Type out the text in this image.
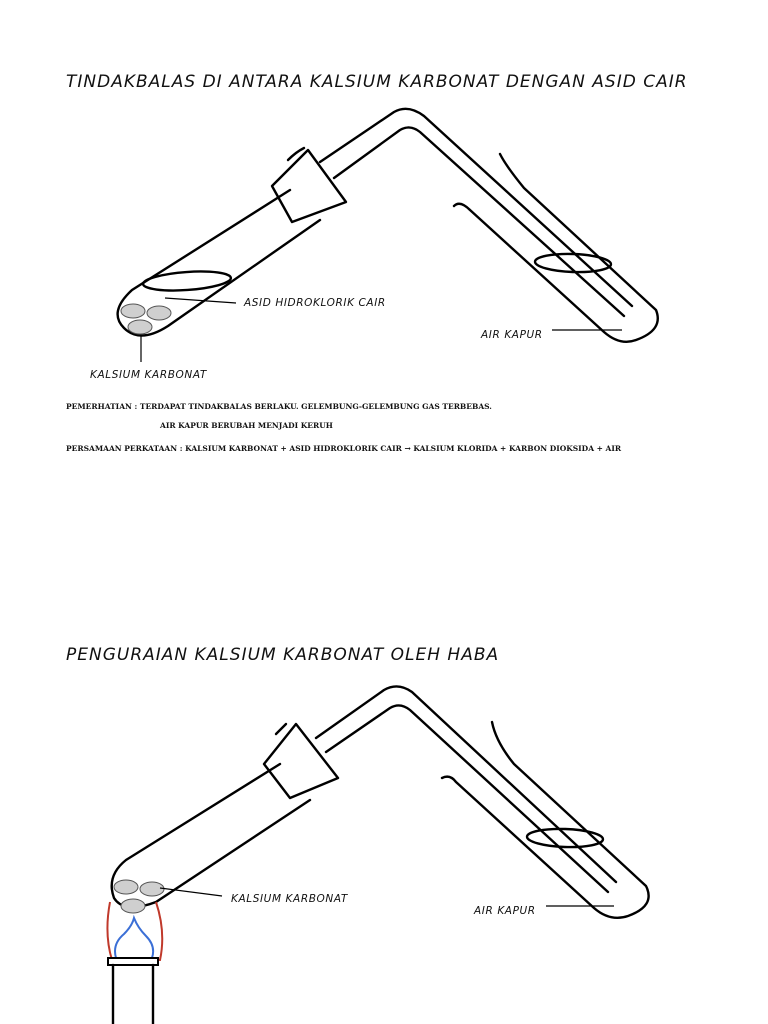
TINDAKBALAS DI ANTARA KALSIUM KARBONAT DENGAN ASID CAIR
ASID HIDROKLORIK CAIR
AIR KAPUR
KALSIUM KARBONAT
PEMERHATIAN : TERDAPAT TINDAKBALAS BERLAKU. GELEMBUNG-GELEMBUNG GAS TERBEBAS.
AIR KAPUR BERUBAH MENJADI KERUH
PERSAMAAN PERKATAAN : KALSIUM KARBONAT + ASID HIDROKLORIK CAIR → KALSIUM KLORIDA + KARBON DIOKSIDA + AIR
PENGURAIAN KALSIUM KARBONAT OLEH HABA
KALSIUM KARBONAT
AIR KAPUR
